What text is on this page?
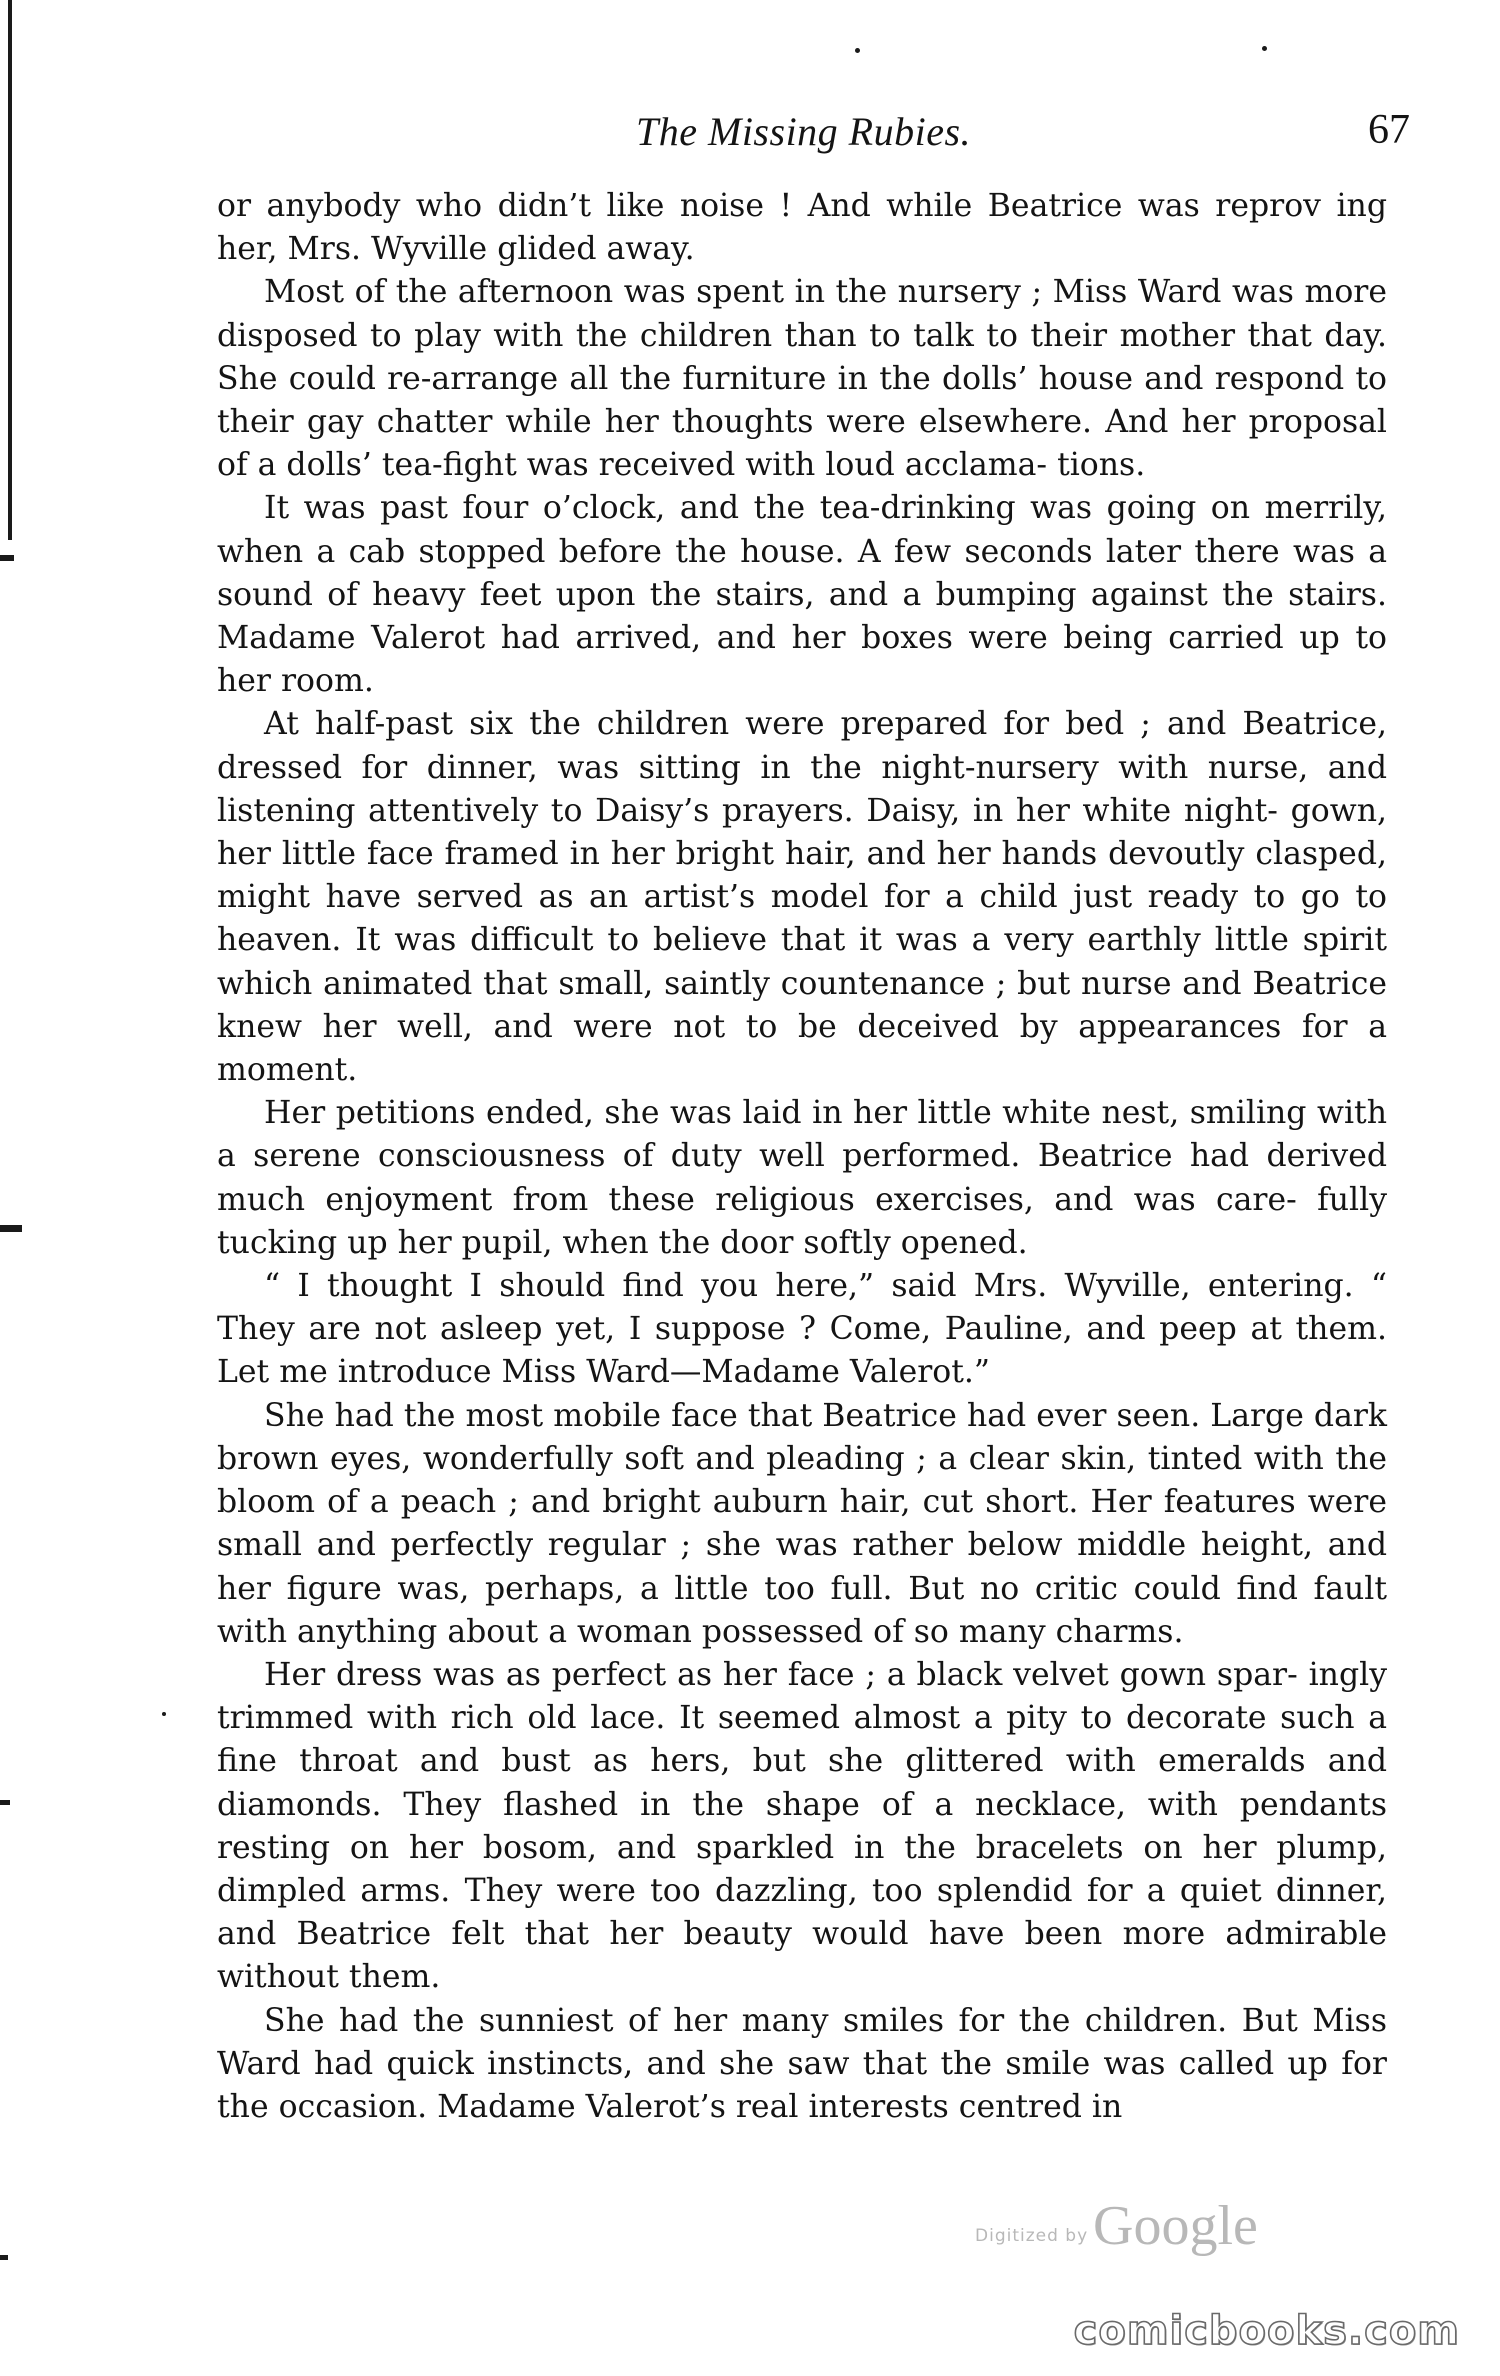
The Missing Rubies.	67

or anybody who didn’t like noise ! And while Beatrice was reprov ing her, Mrs. Wyville glided away.

Most of the afternoon was spent in the nursery ; Miss Ward was more disposed to play with the children than to talk to their mother that day. She could re-arrange all the furniture in the dolls’ house and respond to their gay chatter while her thoughts were elsewhere. And her proposal of a dolls’ tea-fight was received with loud acclama- tions.

It was past four o’clock, and the tea-drinking was going on merrily, when a cab stopped before the house. A few seconds later there was a sound of heavy feet upon the stairs, and a bumping against the stairs. Madame Valerot had arrived, and her boxes were being carried up to her room.

At half-past six the children were prepared for bed ; and Beatrice, dressed for dinner, was sitting in the night-nursery with nurse, and listening attentively to Daisy’s prayers. Daisy, in her white night- gown, her little face framed in her bright hair, and her hands devoutly clasped, might have served as an artist’s model for a child just ready to go to heaven. It was difficult to believe that it was a very earthly little spirit which animated that small, saintly countenance ; but nurse and Beatrice knew her well, and were not to be deceived by appearances for a moment.

Her petitions ended, she was laid in her little white nest, smiling with a serene consciousness of duty well performed. Beatrice had derived much enjoyment from these religious exercises, and was care- fully tucking up her pupil, when the door softly opened.

“ I thought I should find you here,” said Mrs. Wyville, entering. “ They are not asleep yet, I suppose ? Come, Pauline, and peep at them. Let me introduce Miss Ward—Madame Valerot.”

She had the most mobile face that Beatrice had ever seen. Large dark brown eyes, wonderfully soft and pleading ; a clear skin, tinted with the bloom of a peach ; and bright auburn hair, cut short. Her features were small and perfectly regular ; she was rather below middle height, and her figure was, perhaps, a little too full. But no critic could find fault with anything about a woman possessed of so many charms.

Her dress was as perfect as her face ; a black velvet gown spar- ingly trimmed with rich old lace. It seemed almost a pity to decorate such a fine throat and bust as hers, but she glittered with emeralds and diamonds. They flashed in the shape of a necklace, with pendants resting on her bosom, and sparkled in the bracelets on her plump, dimpled arms. They were too dazzling, too splendid for a quiet dinner, and Beatrice felt that her beauty would have been more admirable without them.

She had the sunniest of her many smiles for the children. But Miss Ward had quick instincts, and she saw that the smile was called up for the occasion. Madame Valerot’s real interests centred in

Digitized by Google
comicbooks.com
